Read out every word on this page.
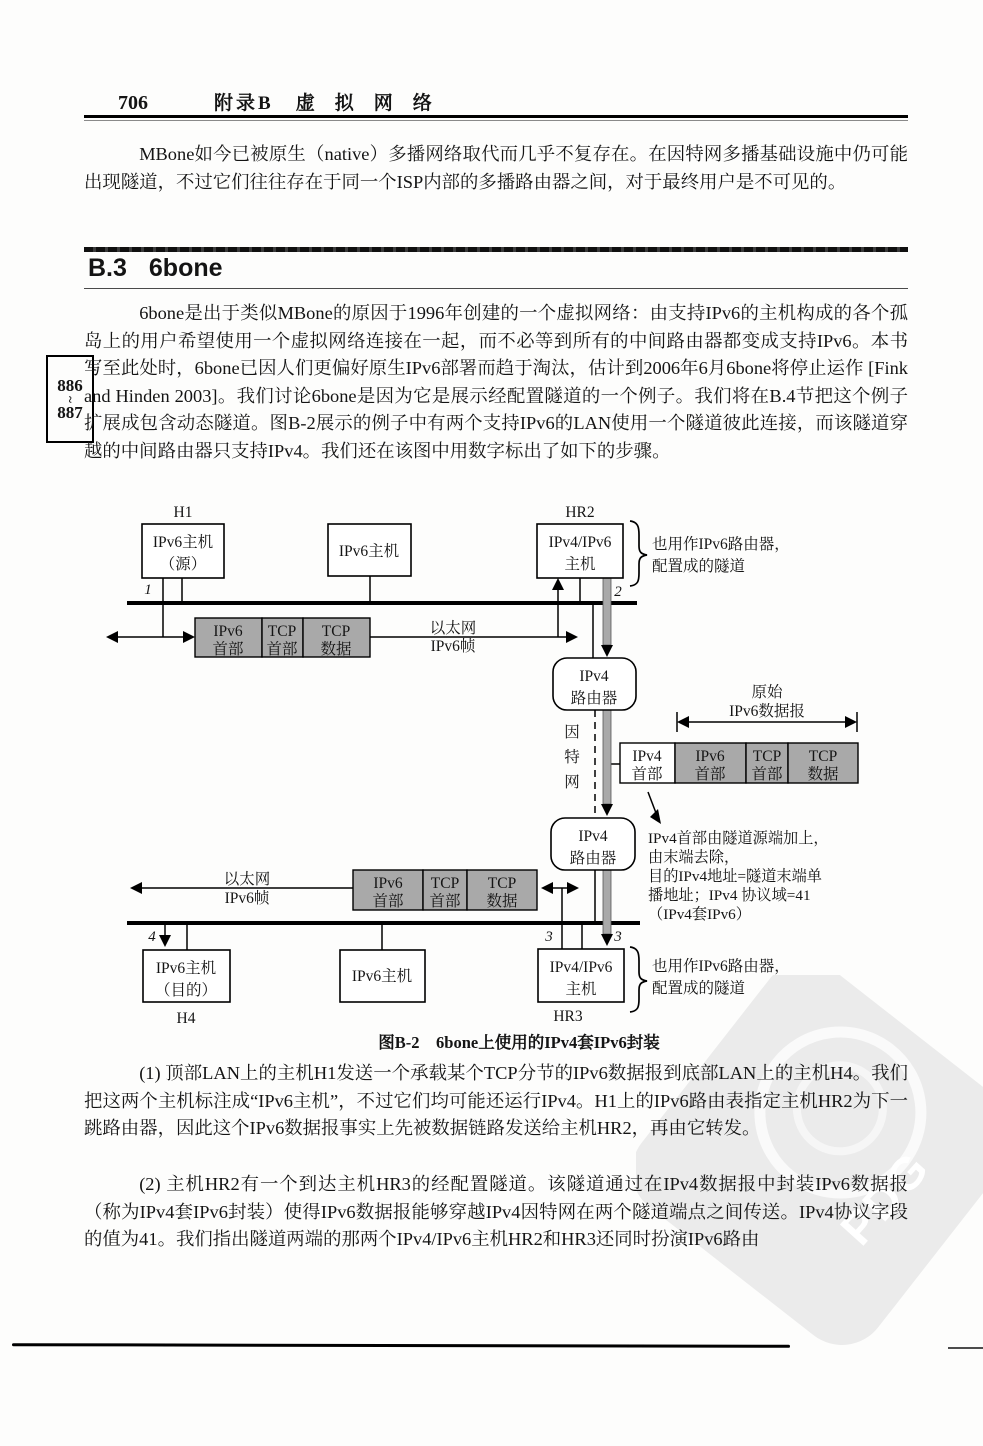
PDG
706	附录B 虚拟网络

MBone如今已被原生（native）多播网络取代而几乎不复存在。在因特网多播基础设施中仍可能出现隧道，不过它们往往存在于同一个ISP内部的多播路由器之间，对于最终用户是不可见的。

B.3 6bone
886
~
887

6bone是出于类似MBone的原因于1996年创建的一个虚拟网络：由支持IPv6的主机构成的各个孤岛上的用户希望使用一个虚拟网络连接在一起，而不必等到所有的中间路由器都变成支持IPv6。本书写至此处时，6bone已因人们更偏好原生IPv6部署而趋于淘汰，估计到2006年6月6bone将停止运作 [Fink and Hinden 2003]。我们讨论6bone是因为它是展示经配置隧道的一个例子。我们将在B.4节把这个例子扩展成包含动态隧道。图B-2展示的例子中有两个支持IPv6的LAN使用一个隧道彼此连接，而该隧道穿越的中间路由器只支持IPv4。我们还在该图中用数字标出了如下的步骤。

IPv6
首部
TCP
首部
TCP
数据
IPv4
首部
IPv6
首部
TCP
首部
TCP
数据
IPv6
首部
TCP
首部
TCP
数据
H1	HR2
H4	HR3
IPv6主机
（源）
IPv6主机
IPv4/IPv6
主机
IPv4
路由器
IPv4
路由器
IPv6主机
（目的）
IPv6主机
IPv4/IPv6
主机
以太网
IPv6帧
以太网
IPv6帧
因
特
网
原始
IPv6数据报
也用作IPv6路由器，
配置成的隧道
也用作IPv6路由器，
配置成的隧道
IPv4首部由隧道源端加上，
由末端去除，
目的IPv4地址=隧道末端单
播地址；IPv4 协议域=41
（IPv4套IPv6）
1	2
3	3
4

图B-2　6bone上使用的IPv4套IPv6封装

(1) 顶部LAN上的主机H1发送一个承载某个TCP分节的IPv6数据报到底部LAN上的主机H4。我们把这两个主机标注成“IPv6主机”，不过它们均可能还运行IPv4。H1上的IPv6路由表指定主机HR2为下一跳路由器，因此这个IPv6数据报事实上先被数据链路发送给主机HR2，再由它转发。

(2) 主机HR2有一个到达主机HR3的经配置隧道。该隧道通过在IPv4数据报中封装IPv6数据报（称为IPv4套IPv6封装）使得IPv6数据报能够穿越IPv4因特网在两个隧道端点之间传送。IPv4协议字段的值为41。我们指出隧道两端的那两个IPv4/IPv6主机HR2和HR3还同时扮演IPv6路由
